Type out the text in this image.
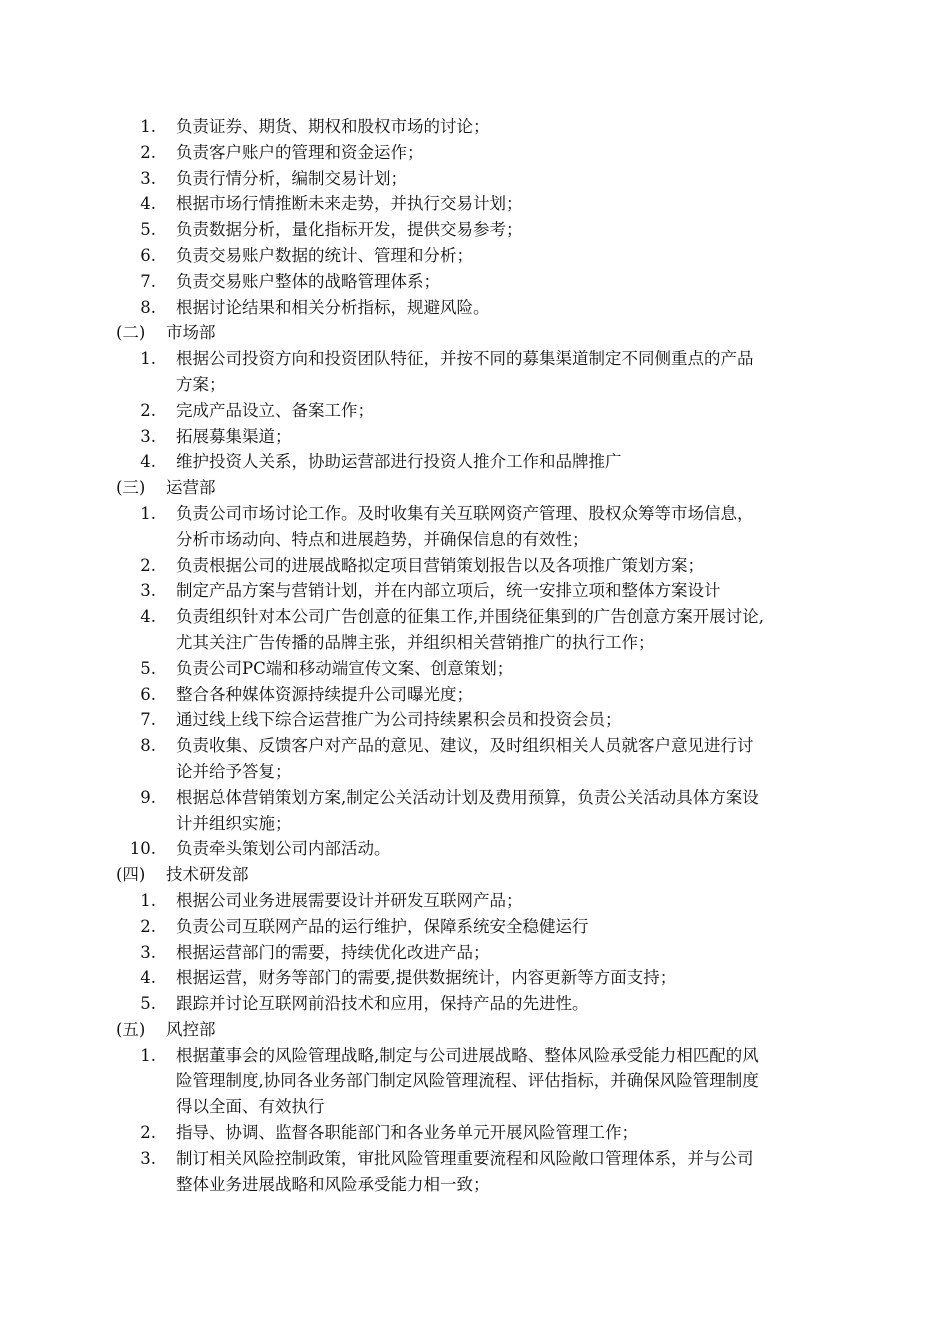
1. 负责证券、期货、期权和股权市场的讨论；
2. 负责客户账户的管理和资金运作；
3. 负责行情分析，编制交易计划；
4. 根据市场行情推断未来走势，并执行交易计划；
5. 负责数据分析，量化指标开发，提供交易参考；
6. 负责交易账户数据的统计、管理和分析；
7. 负责交易账户整体的战略管理体系；
8. 根据讨论结果和相关分析指标，规避风险。
(二) 市场部
1. 根据公司投资方向和投资团队特征，并按不同的募集渠道制定不同侧重点的产品
方案；
2. 完成产品设立、备案工作；
3. 拓展募集渠道；
4. 维护投资人关系，协助运营部进行投资人推介工作和品牌推广
(三) 运营部
1. 负责公司市场讨论工作。及时收集有关互联网资产管理、股权众筹等市场信息，
分析市场动向、特点和进展趋势，并确保信息的有效性；
2. 负责根据公司的进展战略拟定项目营销策划报告以及各项推广策划方案；
3. 制定产品方案与营销计划，并在内部立项后，统一安排立项和整体方案设计
4. 负责组织针对本公司广告创意的征集工作,并围绕征集到的广告创意方案开展讨论,
尤其关注广告传播的品牌主张，并组织相关营销推广的执行工作；
5. 负责公司PC端和移动端宣传文案、创意策划；
6. 整合各种媒体资源持续提升公司曝光度；
7. 通过线上线下综合运营推广为公司持续累积会员和投资会员；
8. 负责收集、反馈客户对产品的意见、建议，及时组织相关人员就客户意见进行讨
论并给予答复；
9. 根据总体营销策划方案,制定公关活动计划及费用预算，负责公关活动具体方案设
计并组织实施；
10. 负责牵头策划公司内部活动。
(四) 技术研发部
1. 根据公司业务进展需要设计并研发互联网产品；
2. 负责公司互联网产品的运行维护，保障系统安全稳健运行
3. 根据运营部门的需要，持续优化改进产品；
4. 根据运营，财务等部门的需要,提供数据统计，内容更新等方面支持；
5. 跟踪并讨论互联网前沿技术和应用，保持产品的先进性。
(五) 风控部
1. 根据董事会的风险管理战略,制定与公司进展战略、整体风险承受能力相匹配的风
险管理制度,协同各业务部门制定风险管理流程、评估指标，并确保风险管理制度
得以全面、有效执行
2. 指导、协调、监督各职能部门和各业务单元开展风险管理工作；
3. 制订相关风险控制政策，审批风险管理重要流程和风险敞口管理体系，并与公司
整体业务进展战略和风险承受能力相一致；
